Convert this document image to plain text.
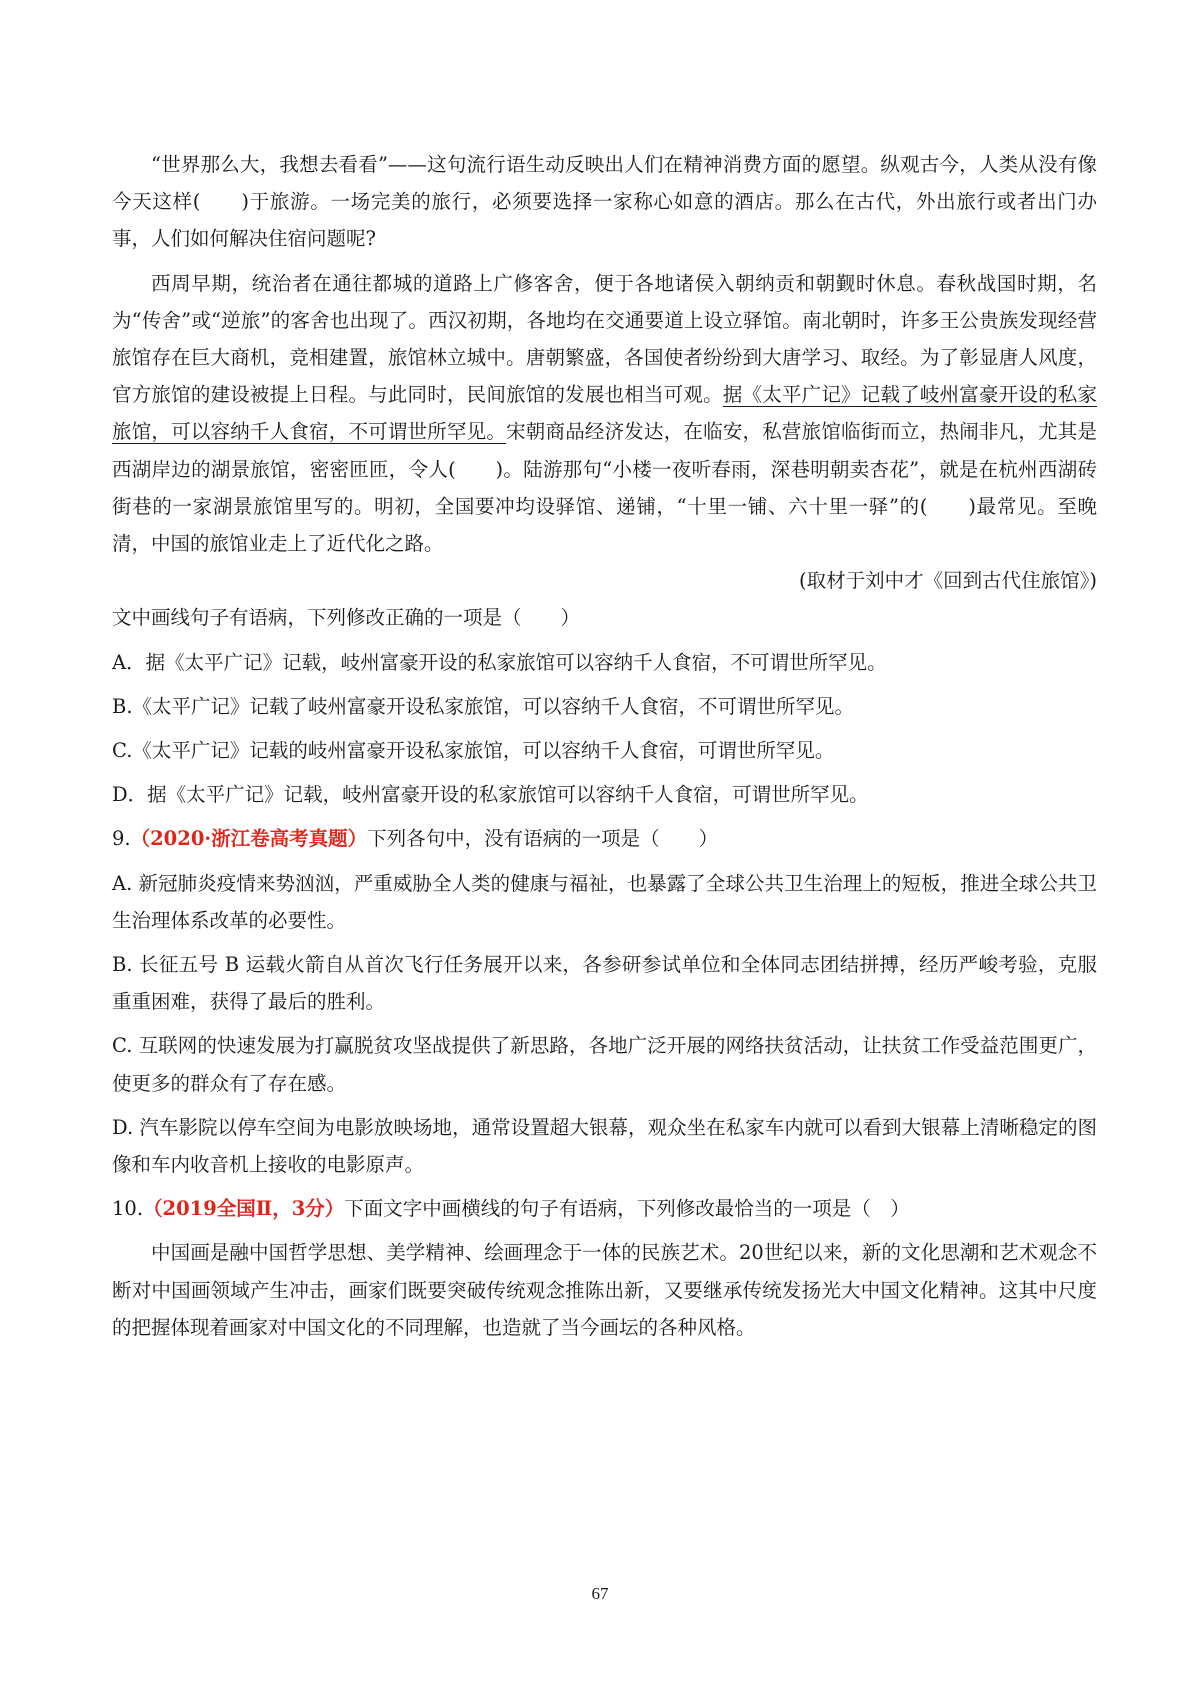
“世界那么大，我想去看看”——这句流行语生动反映出人们在精神消费方面的愿望。纵观古今，人类从没有像今天这样(　　)于旅游。一场完美的旅行，必须要选择一家称心如意的酒店。那么在古代，外出旅行或者出门办事，人们如何解决住宿问题呢?

西周早期，统治者在通往都城的道路上广修客舍，便于各地诸侯入朝纳贡和朝觐时休息。春秋战国时期，名为“传舍”或“逆旅”的客舍也出现了。西汉初期，各地均在交通要道上设立驿馆。南北朝时，许多王公贵族发现经营旅馆存在巨大商机，竞相建置，旅馆林立城中。唐朝繁盛，各国使者纷纷到大唐学习、取经。为了彰显唐人风度，官方旅馆的建设被提上日程。与此同时，民间旅馆的发展也相当可观。据《太平广记》记载了岐州富豪开设的私家旅馆，可以容纳千人食宿，不可谓世所罕见。宋朝商品经济发达，在临安，私营旅馆临街而立，热闹非凡，尤其是西湖岸边的湖景旅馆，密密匝匝，令人(　　)。陆游那句“小楼一夜听春雨，深巷明朝卖杏花”，就是在杭州西湖砖街巷的一家湖景旅馆里写的。明初，全国要冲均设驿馆、递铺，“十里一铺、六十里一驿”的(　　)最常见。至晚清，中国的旅馆业走上了近代化之路。

(取材于刘中才《回到古代住旅馆》)

文中画线句子有语病，下列修改正确的一项是（　　）

A．据《太平广记》记载，岐州富豪开设的私家旅馆可以容纳千人食宿，不可谓世所罕见。

B.《太平广记》记载了岐州富豪开设私家旅馆，可以容纳千人食宿，不可谓世所罕见。

C.《太平广记》记载的岐州富豪开设私家旅馆，可以容纳千人食宿，可谓世所罕见。

D．据《太平广记》记载，岐州富豪开设的私家旅馆可以容纳千人食宿，可谓世所罕见。

9.（2020·浙江卷高考真题）下列各句中，没有语病的一项是（　　）

A. 新冠肺炎疫情来势汹汹，严重威胁全人类的健康与福祉，也暴露了全球公共卫生治理上的短板，推进全球公共卫生治理体系改革的必要性。

B. 长征五号 B 运载火箭自从首次飞行任务展开以来，各参研参试单位和全体同志团结拼搏，经历严峻考验，克服重重困难，获得了最后的胜利。

C. 互联网的快速发展为打赢脱贫攻坚战提供了新思路，各地广泛开展的网络扶贫活动，让扶贫工作受益范围更广，使更多的群众有了存在感。

D. 汽车影院以停车空间为电影放映场地，通常设置超大银幕，观众坐在私家车内就可以看到大银幕上清晰稳定的图像和车内收音机上接收的电影原声。

10.（2019全国Ⅱ，3分）下面文字中画横线的句子有语病，下列修改最恰当的一项是（　）

中国画是融中国哲学思想、美学精神、绘画理念于一体的民族艺术。20世纪以来，新的文化思潮和艺术观念不断对中国画领域产生冲击，画家们既要突破传统观念推陈出新，又要继承传统发扬光大中国文化精神。这其中尺度的把握体现着画家对中国文化的不同理解，也造就了当今画坛的各种风格。

67
